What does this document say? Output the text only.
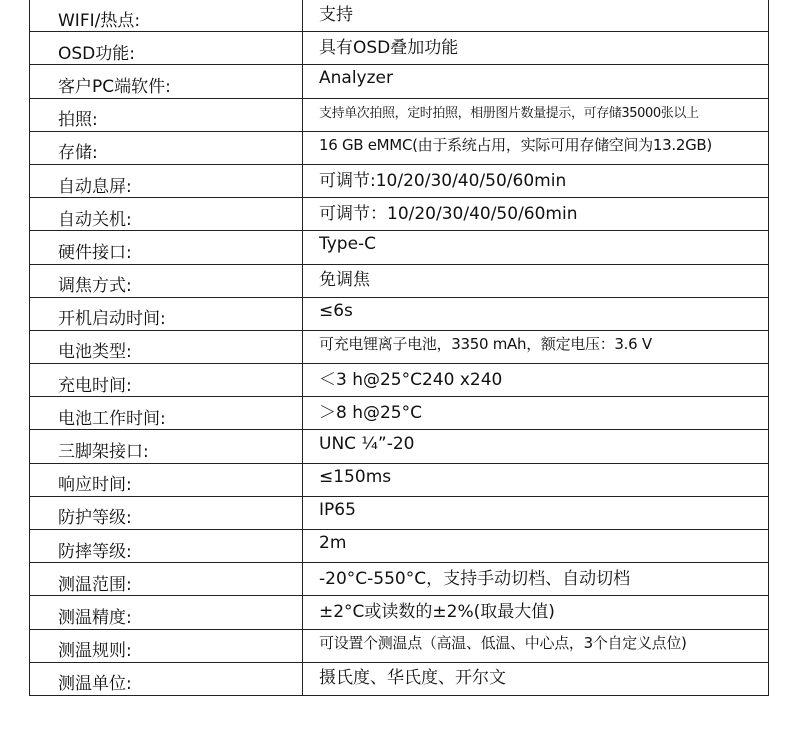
WIFI/热点:	支持
OSD功能:	具有OSD叠加功能
客户PC端软件:	Analyzer
拍照:	支持单次拍照，定时拍照，相册图片数量提示，可存储35000张以上
存储:	16 GB eMMC(由于系统占用，实际可用存储空间为13.2GB)
自动息屏:	可调节:10/20/30/40/50/60min
自动关机:	可调节：10/20/30/40/50/60min
硬件接口:	Type-C
调焦方式:	免调焦
开机启动时间:	≤6s
电池类型:	可充电锂离子电池，3350 mAh，额定电压：3.6 V
充电时间:	＜3 h@25°C240 x240
电池工作时间:	＞8 h@25°C
三脚架接口:	UNC ¼”-20
响应时间:	≤150ms
防护等级:	IP65
防摔等级:	2m
测温范围:	-20°C-550°C，支持手动切档、自动切档
测温精度:	±2°C或读数的±2%(取最大值)
测温规则:	可设置个测温点（高温、低温、中心点，3个自定义点位)
测温单位:	摄氏度、华氏度、开尔文
